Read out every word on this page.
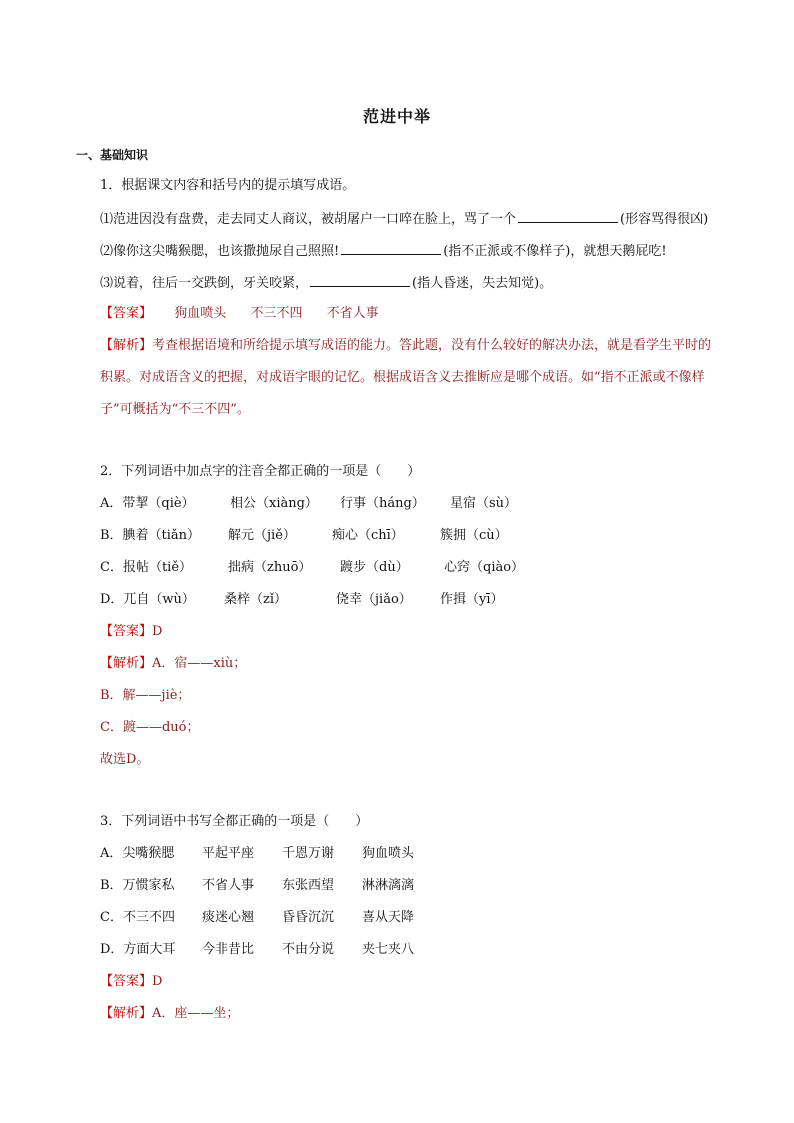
范进中举
一、基础知识
1．根据课文内容和括号内的提示填写成语。
⑴范进因没有盘费，走去同丈人商议，被胡屠户一口啐在脸上，骂了一个	(形容骂得很凶)
⑵像你这尖嘴猴腮，也该撒抛尿自己照照!	(指不正派或不像样子)，就想天鹅屁吃!
⑶说着，往后一交跌倒，牙关咬紧，	(指人昏迷，失去知觉)。
【答案】 狗血喷头 不三不四 不省人事
【解析】考查根据语境和所给提示填写成语的能力。答此题，没有什么较好的解决办法，就是看学生平时的积累。对成语含义的把握，对成语字眼的记忆。根据成语含义去推断应是哪个成语。如“指不正派或不像样子”可概括为“不三不四”。
2．下列词语中加点字的注音全都正确的一项是（　　）
A．带挈（qiè）	相公（xiàng） 行事（háng） 星宿（sù）
B．腆着（tiǎn） 解元（jiě）	痴心（chī）	簇拥（cù）
C．报帖（tiě）	拙病（zhuō） 踱步（dù）	心窍（qiào）
D．兀自（wù） 桑梓（zǐ）	侥幸（jiǎo） 作揖（yī）
【答案】D
【解析】A．宿——xiù；
B．解——jiè；
C．踱——duó；
故选D。
3．下列词语中书写全都正确的一项是（　　）
A．尖嘴猴腮 平起平座 千恩万谢 狗血喷头
B．万惯家私 不省人事 东张西望 淋淋漓漓
C．不三不四 痰迷心翘 昏昏沉沉 喜从天降
D．方面大耳 今非昔比 不由分说 夹七夹八
【答案】D
【解析】A．座——坐；
